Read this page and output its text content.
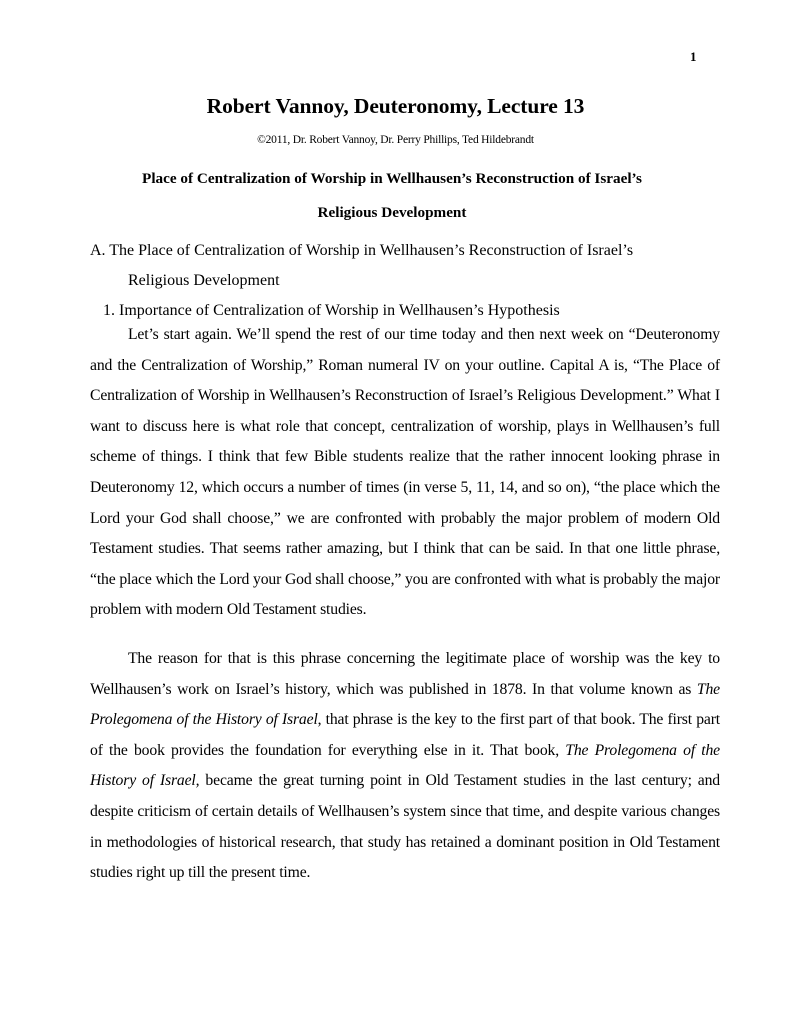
1
Robert Vannoy, Deuteronomy, Lecture 13
©2011, Dr. Robert Vannoy, Dr. Perry Phillips, Ted Hildebrandt
Place of Centralization of Worship in Wellhausen’s Reconstruction of Israel’s
Religious Development
A. The Place of Centralization of Worship in Wellhausen’s Reconstruction of Israel’s
Religious Development
1. Importance of Centralization of Worship in Wellhausen’s Hypothesis
Let’s start again. We’ll spend the rest of our time today and then next week on “Deuteronomy and the Centralization of Worship,” Roman numeral IV on your outline. Capital A is, “The Place of Centralization of Worship in Wellhausen’s Reconstruction of Israel’s Religious Development.” What I want to discuss here is what role that concept, centralization of worship, plays in Wellhausen’s full scheme of things. I think that few Bible students realize that the rather innocent looking phrase in Deuteronomy 12, which occurs a number of times (in verse 5, 11, 14, and so on), “the place which the Lord your God shall choose,” we are confronted with probably the major problem of modern Old Testament studies. That seems rather amazing, but I think that can be said. In that one little phrase, “the place which the Lord your God shall choose,” you are confronted with what is probably the major problem with modern Old Testament studies.
The reason for that is this phrase concerning the legitimate place of worship was the key to Wellhausen’s work on Israel’s history, which was published in 1878. In that volume known as The Prolegomena of the History of Israel, that phrase is the key to the first part of that book. The first part of the book provides the foundation for everything else in it. That book, The Prolegomena of the History of Israel, became the great turning point in Old Testament studies in the last century; and despite criticism of certain details of Wellhausen’s system since that time, and despite various changes in methodologies of historical research, that study has retained a dominant position in Old Testament studies right up till the present time.
